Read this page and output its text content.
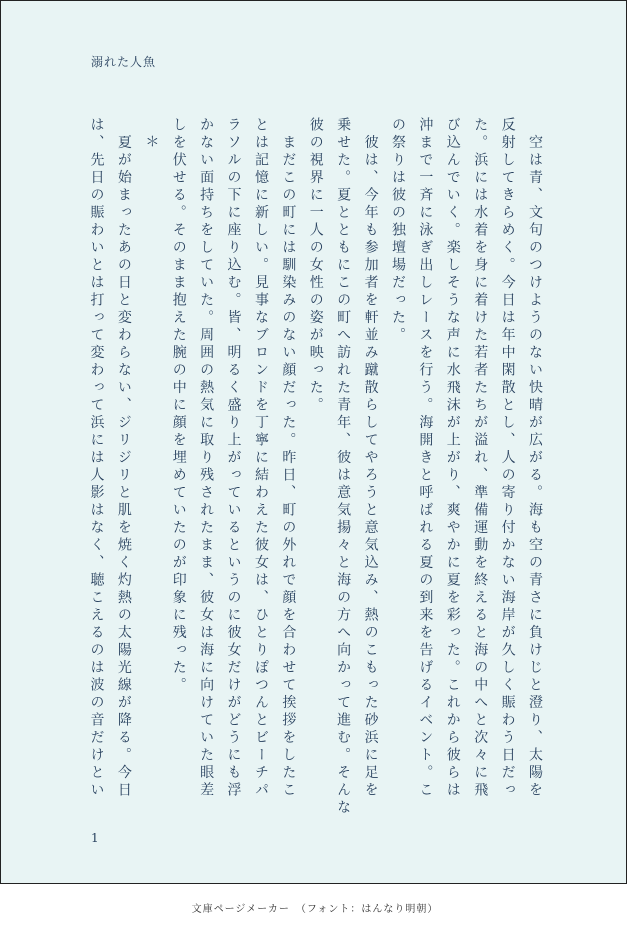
溺れた人魚
　空は青、文句のつけようのない快晴が広がる。海も空の青さに負けじと澄り、太陽を
反射してきらめく。今日は年中閑散とし、人の寄り付かない海岸が久しく賑わう日だっ
た。浜には水着を身に着けた若者たちが溢れ、準備運動を終えると海の中へと次々に飛
び込んでいく。楽しそうな声に水飛沫が上がり、爽やかに夏を彩った。これから彼らは
沖まで一斉に泳ぎ出しレースを行う。海開きと呼ばれる夏の到来を告げるイベント。こ
の祭りは彼の独壇場だった。
　彼は、今年も参加者を軒並み蹴散らしてやろうと意気込み、熱のこもった砂浜に足を
乗せた。夏とともにこの町へ訪れた青年、彼は意気揚々と海の方へ向かって進む。そんな
彼の視界に一人の女性の姿が映った。
　まだこの町には馴染みのない顔だった。昨日、町の外れで顔を合わせて挨拶をしたこ
とは記憶に新しい。見事なブロンドを丁寧に結わえた彼女は、ひとりぽつんとビーチパ
ラソルの下に座り込む。皆、明るく盛り上がっているというのに彼女だけがどうにも浮
かない面持ちをしていた。周囲の熱気に取り残されたまま、彼女は海に向けていた眼差
しを伏せる。そのまま抱えた腕の中に顔を埋めていたのが印象に残った。
　＊
　夏が始まったあの日と変わらない、ジリジリと肌を焼く灼熱の太陽光線が降る。今日
は、先日の賑わいとは打って変わって浜には人影はなく、聴こえるのは波の音だけとい
1
文庫ページメーカー　（フォント：はんなり明朝）
